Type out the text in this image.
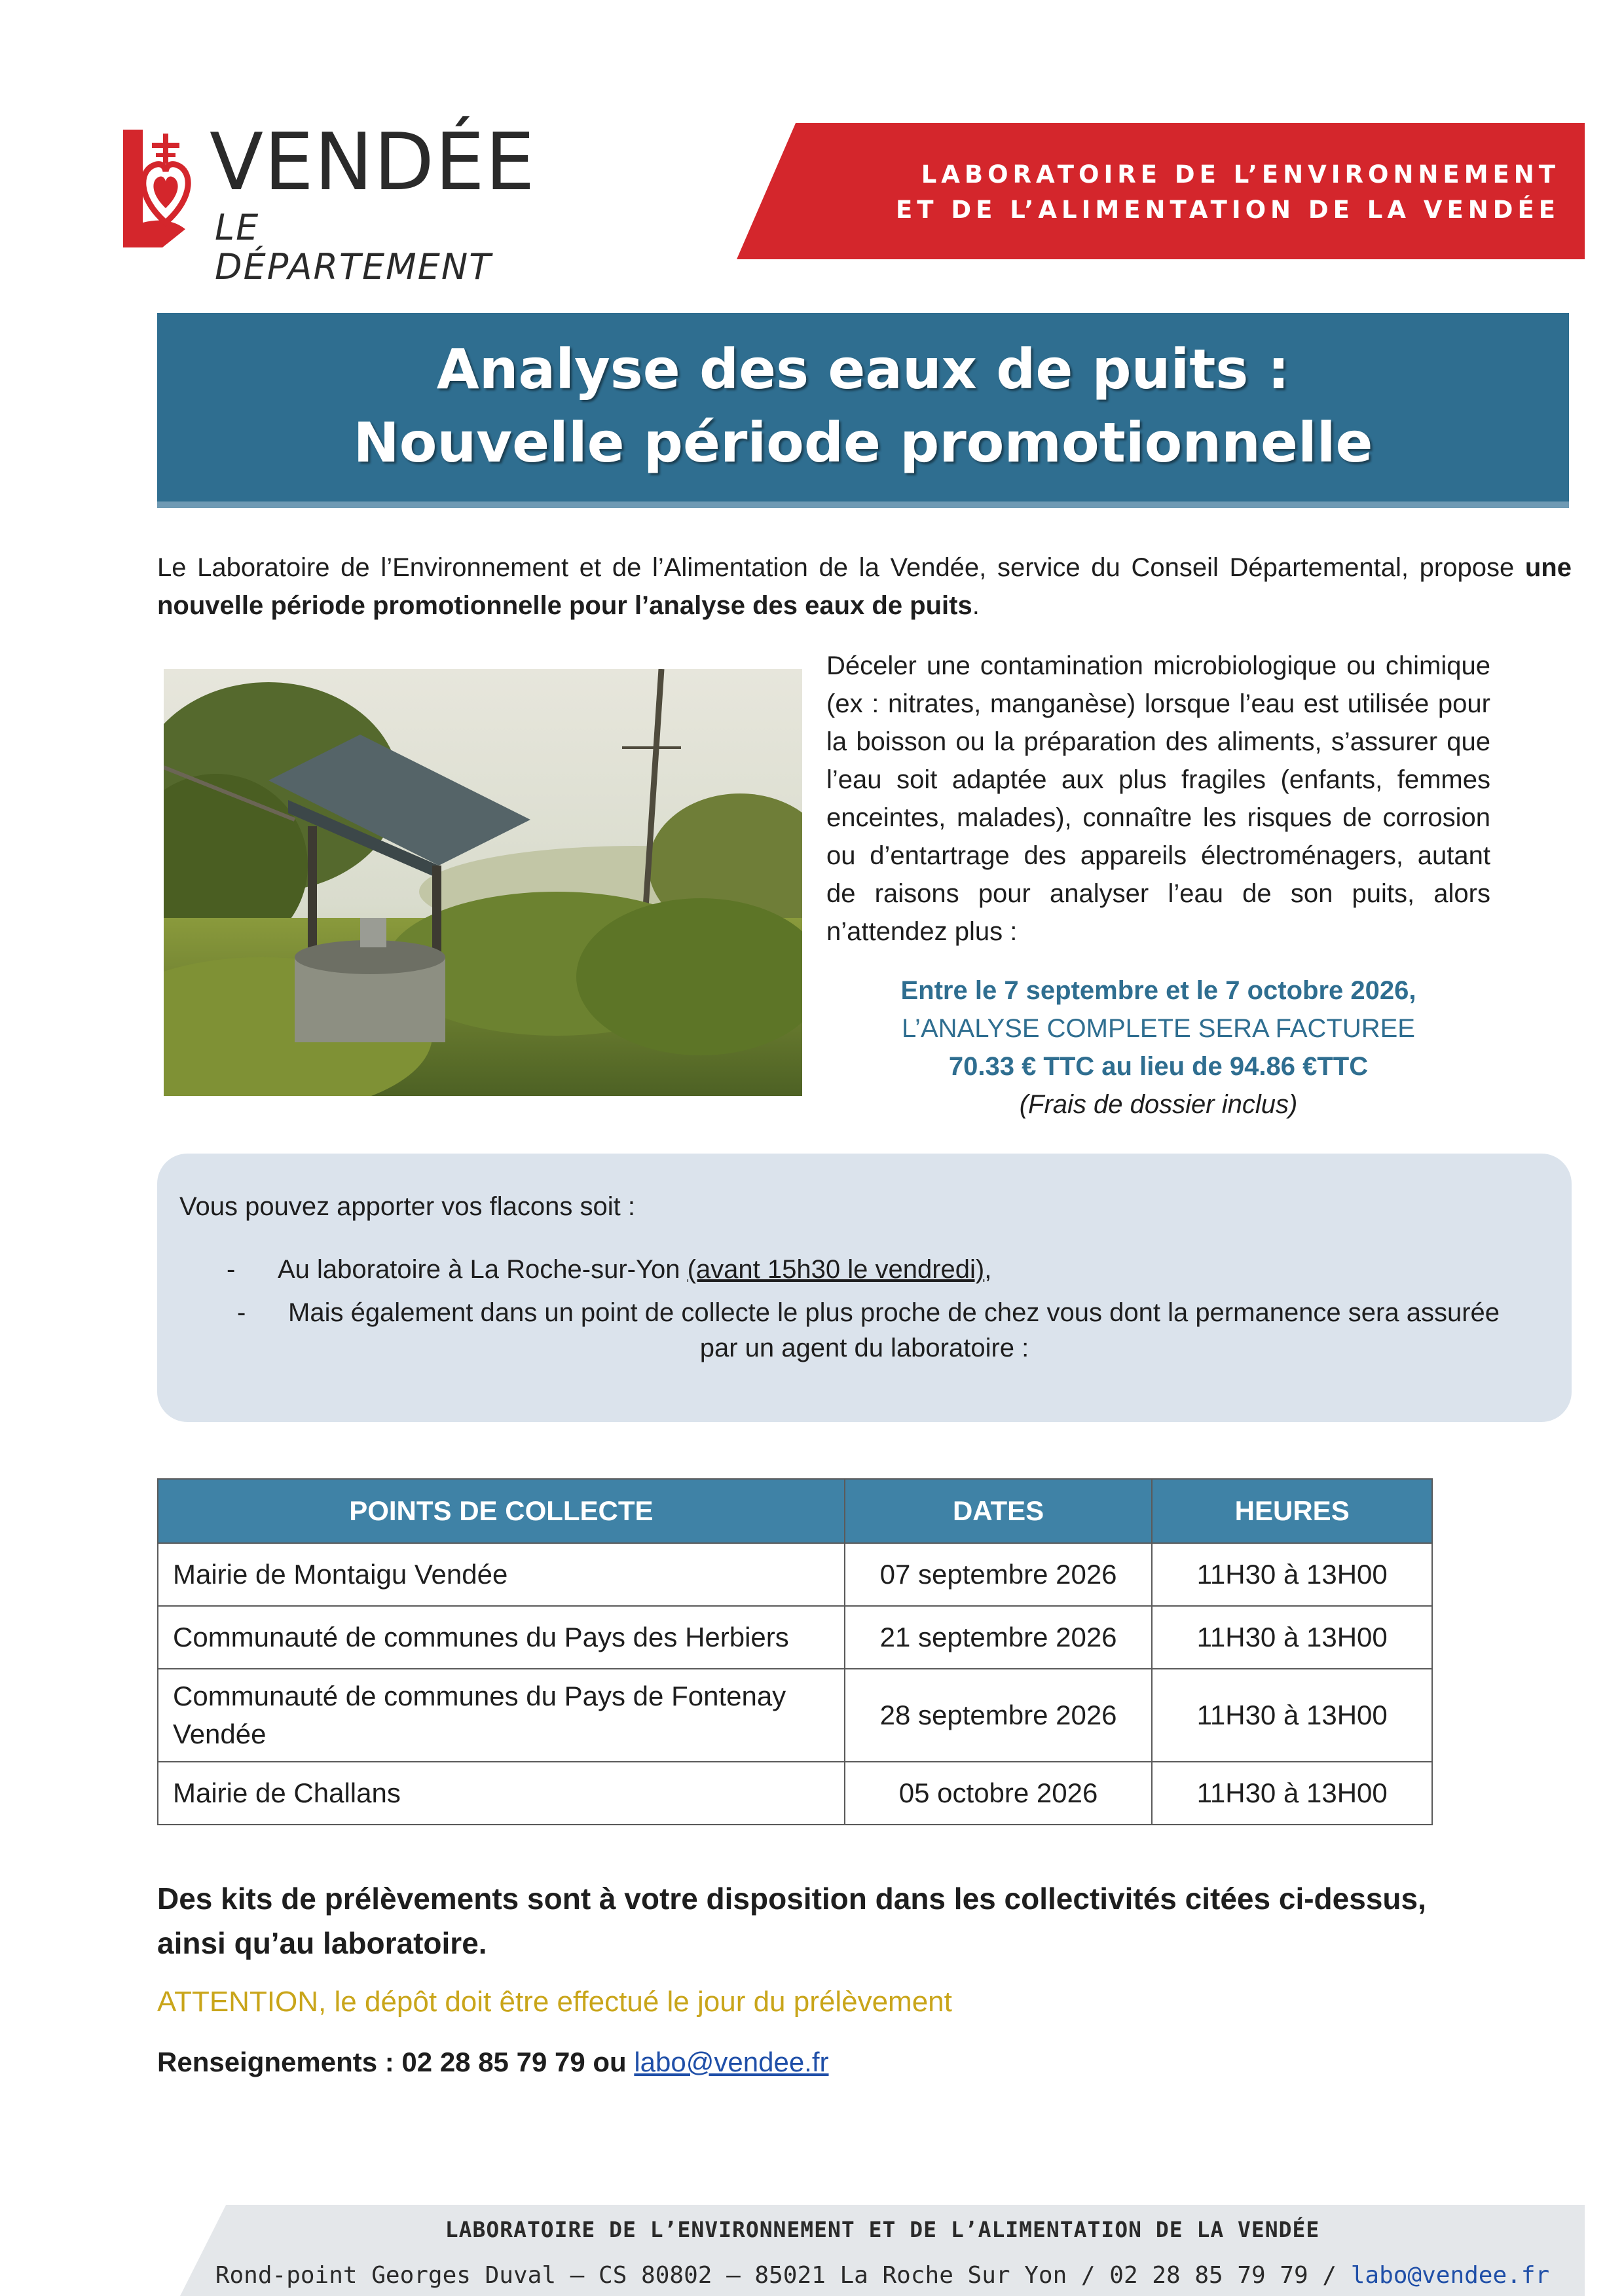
VENDÉE
LE DÉPARTEMENT
LABORATOIRE DE L’ENVIRONNEMENT
ET DE L’ALIMENTATION DE LA VENDÉE
Analyse des eaux de puits :
Nouvelle période promotionnelle
Le Laboratoire de l’Environnement et de l’Alimentation de la Vendée, service du Conseil Départemental, propose une nouvelle période promotionnelle pour l’analyse des eaux de puits.
Déceler une contamination microbiologique ou chimique (ex : nitrates, manganèse) lorsque l’eau est utilisée pour la boisson ou la préparation des aliments, s’assurer que l’eau soit adaptée aux plus fragiles (enfants, femmes enceintes, malades), connaître les risques de corrosion ou d’entartrage des appareils électroménagers, autant de raisons pour analyser l’eau de son puits, alors n’attendez plus :
Entre le 7 septembre et le 7 octobre 2026,
L’ANALYSE COMPLETE SERA FACTUREE
70.33 € TTC au lieu de 94.86 €TTC
(Frais de dossier inclus)
Vous pouvez apporter vos flacons soit :
- Au laboratoire à La Roche-sur-Yon (avant 15h30 le vendredi),
- Mais également dans un point de collecte le plus proche de chez vous dont la permanence sera assurée
par un agent du laboratoire :
POINTS DE COLLECTE	DATES	HEURES
Mairie de Montaigu Vendée	07 septembre 2026	11H30 à 13H00
Communauté de communes du Pays des Herbiers	21 septembre 2026	11H30 à 13H00
Communauté de communes du Pays de Fontenay Vendée	28 septembre 2026	11H30 à 13H00
Mairie de Challans	05 octobre 2026	11H30 à 13H00
Des kits de prélèvements sont à votre disposition dans les collectivités citées ci-dessus,
ainsi qu’au laboratoire.
ATTENTION, le dépôt doit être effectué le jour du prélèvement
Renseignements : 02 28 85 79 79 ou labo@vendee.fr
LABORATOIRE DE L’ENVIRONNEMENT ET DE L’ALIMENTATION DE LA VENDÉE
Rond-point Georges Duval – CS 80802 – 85021 La Roche Sur Yon / 02 28 85 79 79 / labo@vendee.fr
